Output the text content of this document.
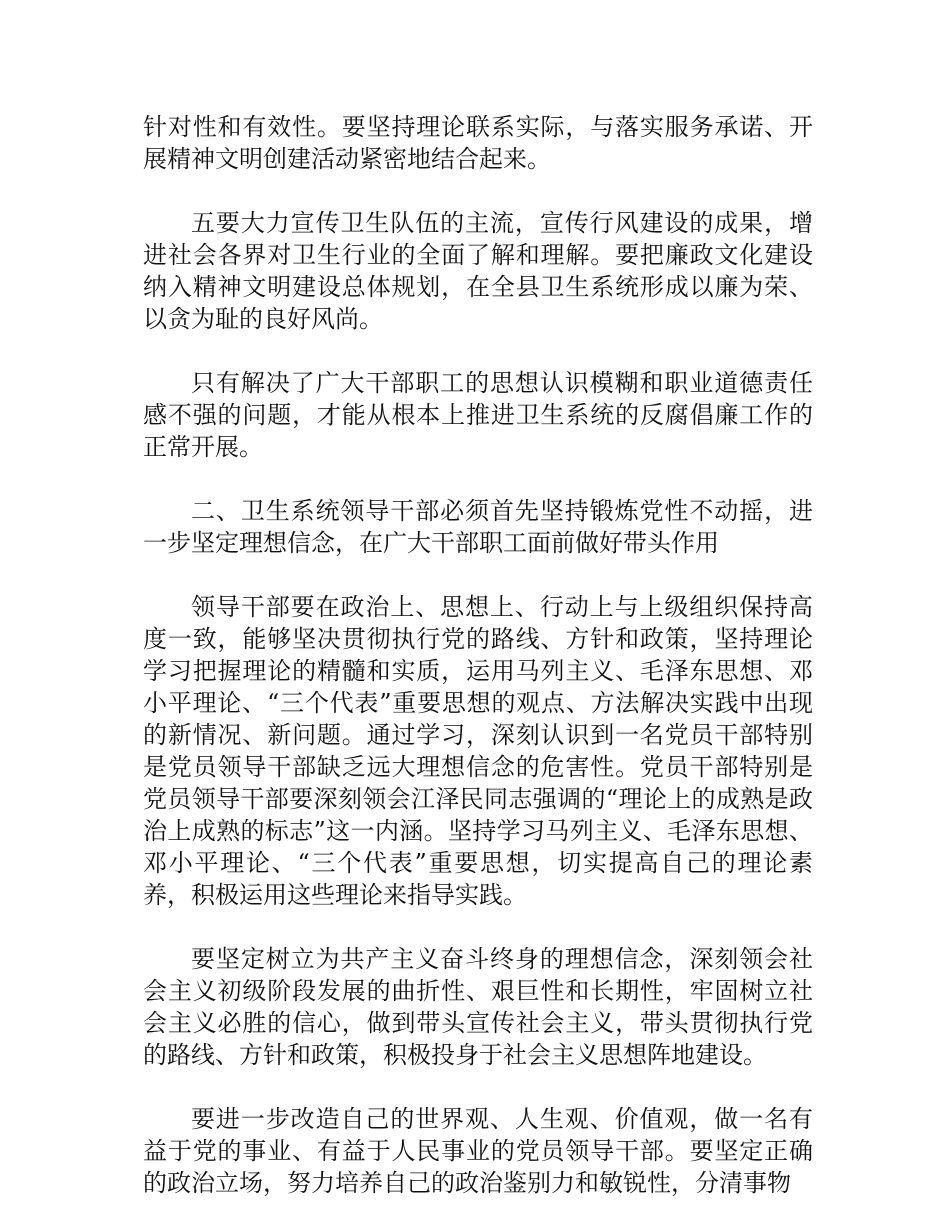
针对性和有效性。要坚持理论联系实际，与落实服务承诺、开展精神文明创建活动紧密地结合起来。

五要大力宣传卫生队伍的主流，宣传行风建设的成果，增进社会各界对卫生行业的全面了解和理解。要把廉政文化建设纳入精神文明建设总体规划，在全县卫生系统形成以廉为荣、以贪为耻的良好风尚。

只有解决了广大干部职工的思想认识模糊和职业道德责任感不强的问题，才能从根本上推进卫生系统的反腐倡廉工作的正常开展。

二、卫生系统领导干部必须首先坚持锻炼党性不动摇，进一步坚定理想信念，在广大干部职工面前做好带头作用

领导干部要在政治上、思想上、行动上与上级组织保持高度一致，能够坚决贯彻执行党的路线、方针和政策，坚持理论学习把握理论的精髓和实质，运用马列主义、毛泽东思想、邓小平理论、“三个代表”重要思想的观点、方法解决实践中出现的新情况、新问题。通过学习，深刻认识到一名党员干部特别是党员领导干部缺乏远大理想信念的危害性。党员干部特别是党员领导干部要深刻领会江泽民同志强调的“理论上的成熟是政治上成熟的标志”这一内涵。坚持学习马列主义、毛泽东思想、邓小平理论、“三个代表”重要思想，切实提高自己的理论素养，积极运用这些理论来指导实践。

要坚定树立为共产主义奋斗终身的理想信念，深刻领会社会主义初级阶段发展的曲折性、艰巨性和长期性，牢固树立社会主义必胜的信心，做到带头宣传社会主义，带头贯彻执行党的路线、方针和政策，积极投身于社会主义思想阵地建设。

要进一步改造自己的世界观、人生观、价值观，做一名有益于党的事业、有益于人民事业的党员领导干部。要坚定正确的政治立场，努力培养自己的政治鉴别力和敏锐性，分清事物
